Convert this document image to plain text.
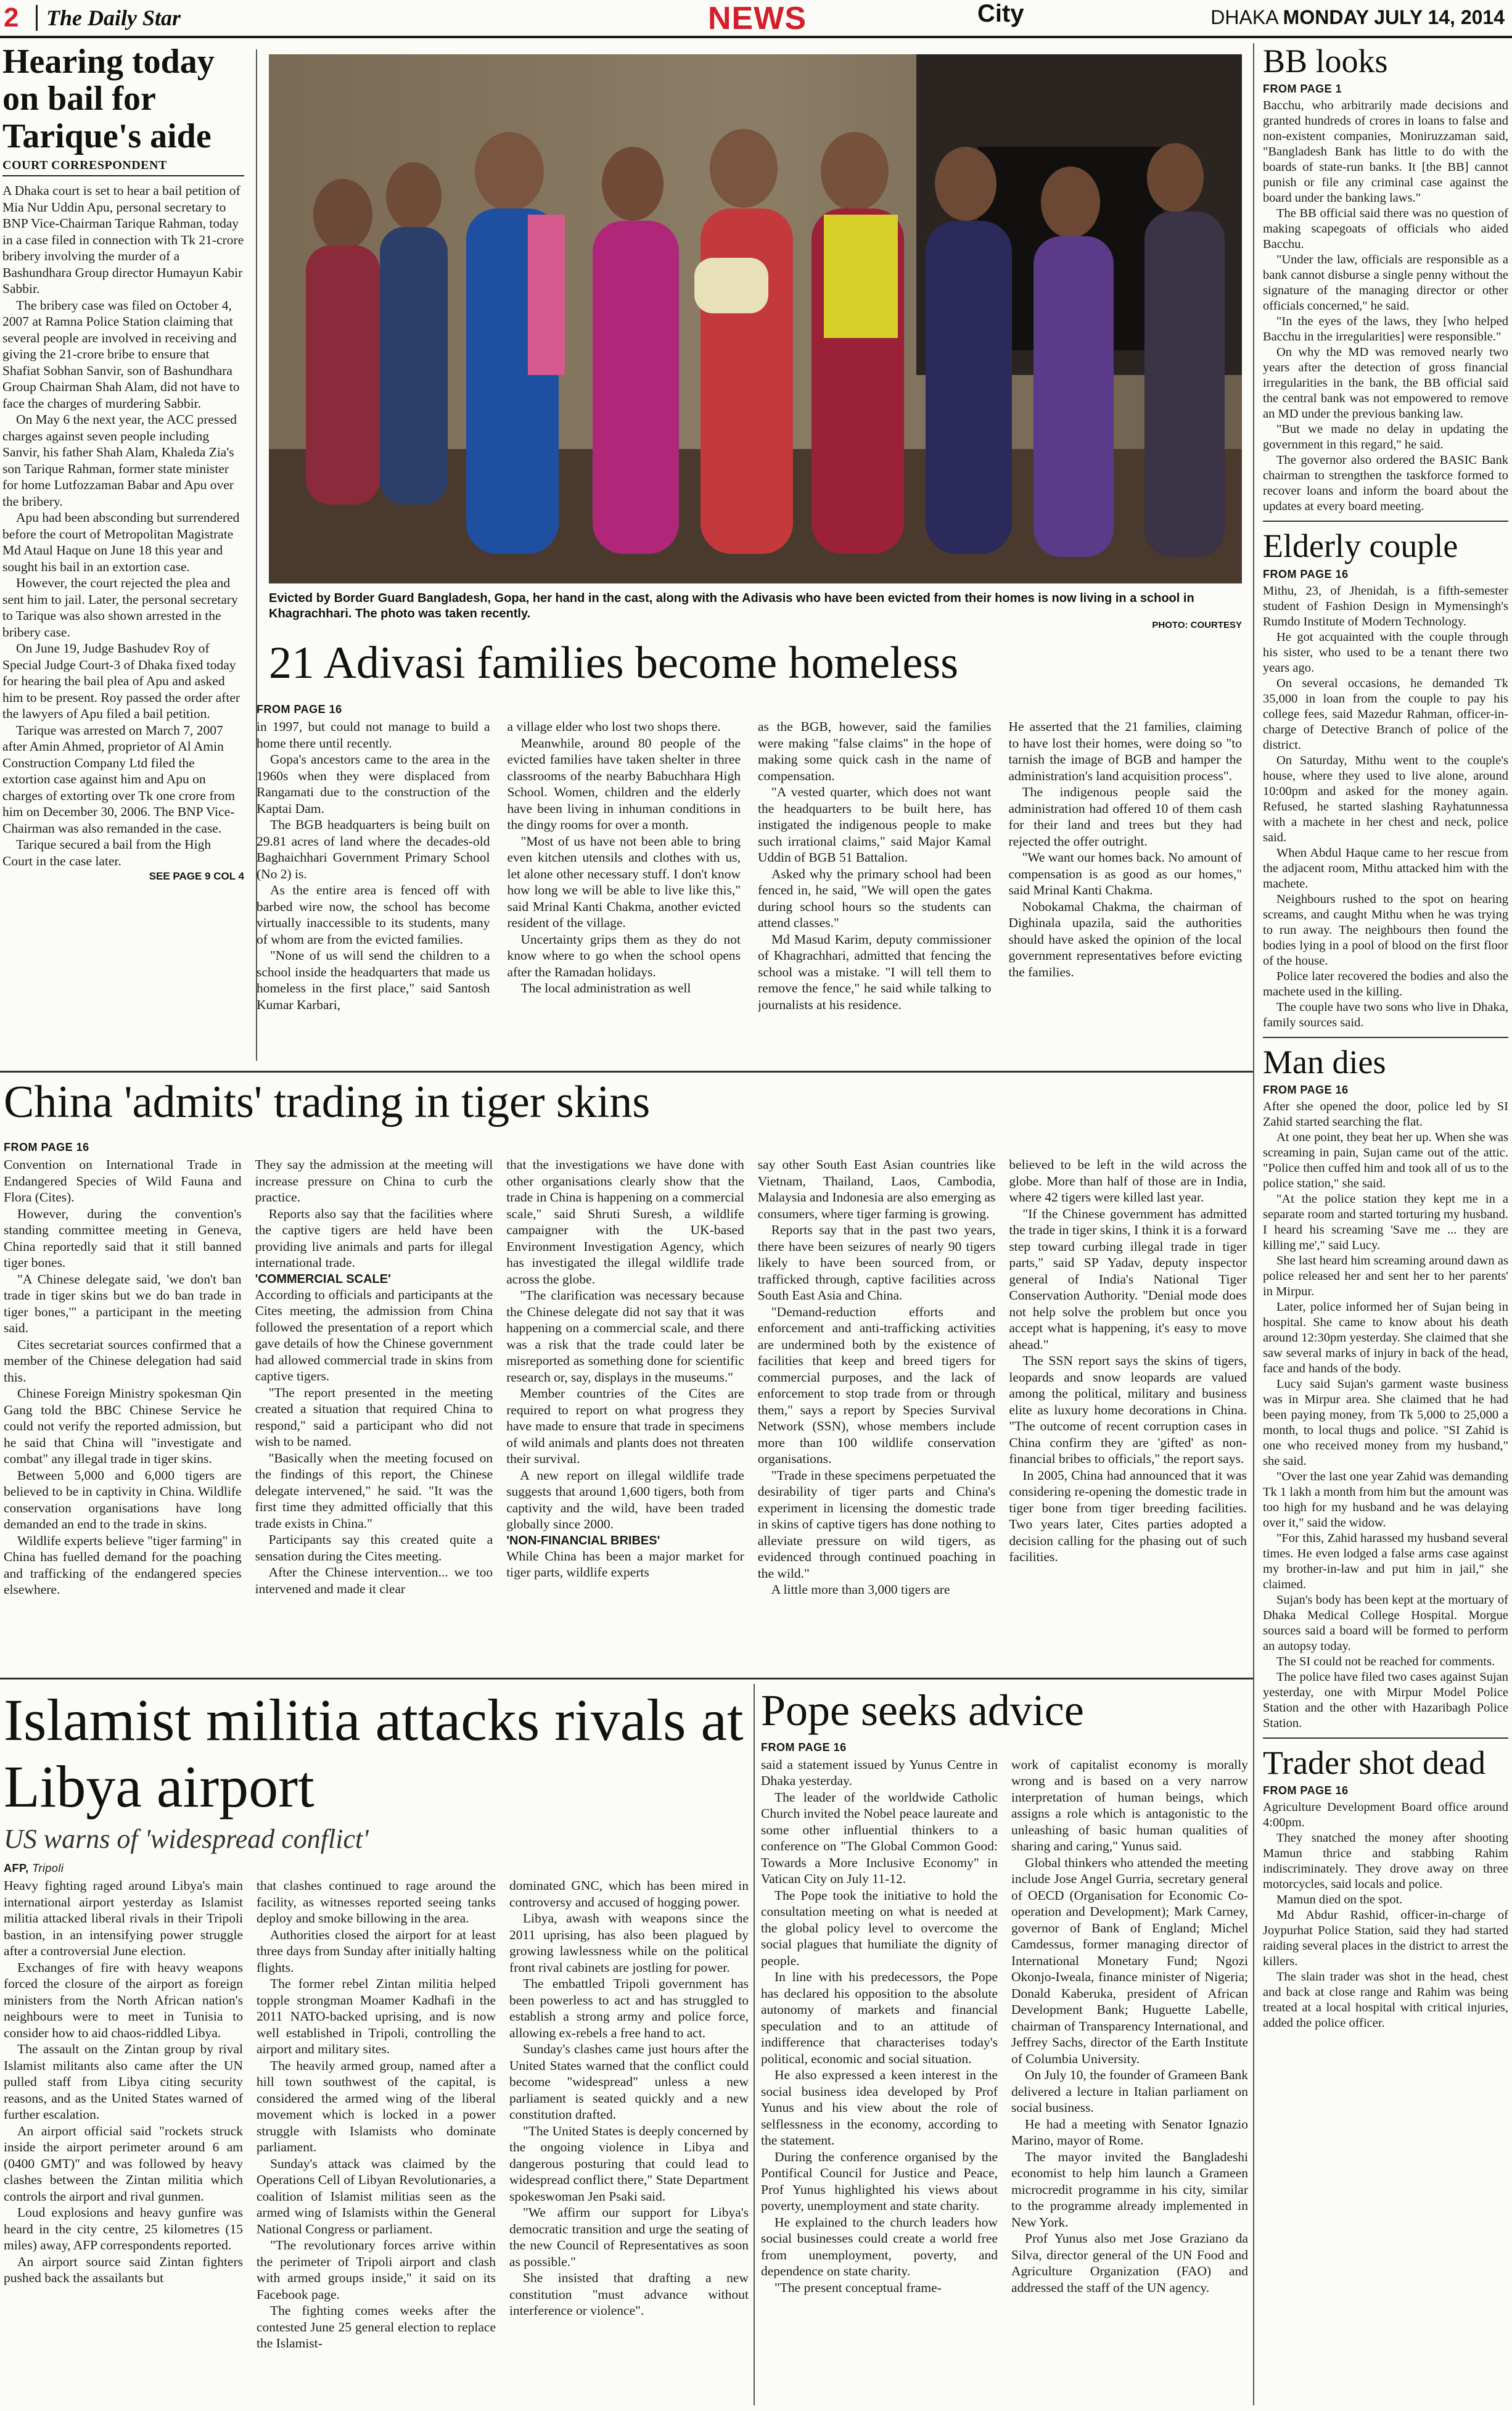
2	The Daily Star	NEWS	City	DHAKA MONDAY JULY 14, 2014
Hearing today on bail for Tarique's aide
COURT CORRESPONDENT

A Dhaka court is set to hear a bail petition of Mia Nur Uddin Apu, personal secretary to BNP Vice-Chairman Tarique Rahman, today in a case filed in connection with Tk 21-crore bribery involving the murder of a Bashundhara Group director Humayun Kabir Sabbir.

The bribery case was filed on October 4, 2007 at Ramna Police Station claiming that several people are involved in receiving and giving the 21-crore bribe to ensure that Shafiat Sobhan Sanvir, son of Bashundhara Group Chairman Shah Alam, did not have to face the charges of murdering Sabbir.

On May 6 the next year, the ACC pressed charges against seven people including Sanvir, his father Shah Alam, Khaleda Zia's son Tarique Rahman, former state minister for home Lutfozzaman Babar and Apu over the bribery.

Apu had been absconding but surrendered before the court of Metropolitan Magistrate Md Ataul Haque on June 18 this year and sought his bail in an extortion case.

However, the court rejected the plea and sent him to jail. Later, the personal secretary to Tarique was also shown arrested in the bribery case.

On June 19, Judge Bashudev Roy of Special Judge Court-3 of Dhaka fixed today for hearing the bail plea of Apu and asked him to be present. Roy passed the order after the lawyers of Apu filed a bail petition.

Tarique was arrested on March 7, 2007 after Amin Ahmed, proprietor of Al Amin Construction Company Ltd filed the extortion case against him and Apu on charges of extorting over Tk one crore from him on December 30, 2006. The BNP Vice-Chairman was also remanded in the case.

Tarique secured a bail from the High Court in the case later.

SEE PAGE 9 COL 4
Evicted by Border Guard Bangladesh, Gopa, her hand in the cast, along with the Adivasis who have been evicted from their homes is now living in a school in Khagrachhari. The photo was taken recently.
PHOTO: COURTESY
21 Adivasi families become homeless
FROM PAGE 16

in 1997, but could not manage to build a home there until recently.

Gopa's ancestors came to the area in the 1960s when they were displaced from Rangamati due to the construction of the Kaptai Dam.

The BGB headquarters is being built on 29.81 acres of land where the decades-old Baghaichhari Government Primary School (No 2) is.

As the entire area is fenced off with barbed wire now, the school has become virtually inaccessible to its students, many of whom are from the evicted families.

"None of us will send the children to a school inside the headquarters that made us homeless in the first place," said Santosh Kumar Karbari,

a village elder who lost two shops there.

Meanwhile, around 80 people of the evicted families have taken shelter in three classrooms of the nearby Babuchhara High School. Women, children and the elderly have been living in inhuman conditions in the dingy rooms for over a month.

"Most of us have not been able to bring even kitchen utensils and clothes with us, let alone other necessary stuff. I don't know how long we will be able to live like this," said Mrinal Kanti Chakma, another evicted resident of the village.

Uncertainty grips them as they do not know where to go when the school opens after the Ramadan holidays.

The local administration as well

as the BGB, however, said the families were making "false claims" in the hope of making some quick cash in the name of compensation.

"A vested quarter, which does not want the headquarters to be built here, has instigated the indigenous people to make such irrational claims," said Major Kamal Uddin of BGB 51 Battalion.

Asked why the primary school had been fenced in, he said, "We will open the gates during school hours so the students can attend classes."

Md Masud Karim, deputy commissioner of Khagrachhari, admitted that fencing the school was a mistake. "I will tell them to remove the fence," he said while talking to journalists at his residence.

He asserted that the 21 families, claiming to have lost their homes, were doing so "to tarnish the image of BGB and hamper the administration's land acquisition process".

The indigenous people said the administration had offered 10 of them cash for their land and trees but they had rejected the offer outright.

"We want our homes back. No amount of compensation is as good as our homes," said Mrinal Kanti Chakma.

Nobokamal Chakma, the chairman of Dighinala upazila, said the authorities should have asked the opinion of the local government representatives before evicting the families.

China 'admits' trading in tiger skins
FROM PAGE 16

Convention on International Trade in Endangered Species of Wild Fauna and Flora (Cites).

However, during the convention's standing committee meeting in Geneva, China reportedly said that it still banned tiger bones.

"A Chinese delegate said, 'we don't ban trade in tiger skins but we do ban trade in tiger bones,'" a participant in the meeting said.

Cites secretariat sources confirmed that a member of the Chinese delegation had said this.

Chinese Foreign Ministry spokesman Qin Gang told the BBC Chinese Service he could not verify the reported admission, but he said that China will "investigate and combat" any illegal trade in tiger skins.

Between 5,000 and 6,000 tigers are believed to be in captivity in China. Wildlife conservation organisations have long demanded an end to the trade in skins.

Wildlife experts believe "tiger farming" in China has fuelled demand for the poaching and trafficking of the endangered species elsewhere.

They say the admission at the meeting will increase pressure on China to curb the practice.

Reports also say that the facilities where the captive tigers are held have been providing live animals and parts for illegal international trade.

'COMMERCIAL SCALE'

According to officials and participants at the Cites meeting, the admission from China followed the presentation of a report which gave details of how the Chinese government had allowed commercial trade in skins from captive tigers.

"The report presented in the meeting created a situation that required China to respond," said a participant who did not wish to be named.

"Basically when the meeting focused on the findings of this report, the Chinese delegate intervened," he said. "It was the first time they admitted officially that this trade exists in China."

Participants say this created quite a sensation during the Cites meeting.

After the Chinese intervention... we too intervened and made it clear

that the investigations we have done with other organisations clearly show that the trade in China is happening on a commercial scale," said Shruti Suresh, a wildlife campaigner with the UK-based Environment Investigation Agency, which has investigated the illegal wildlife trade across the globe.

"The clarification was necessary because the Chinese delegate did not say that it was happening on a commercial scale, and there was a risk that the trade could later be misreported as something done for scientific research or, say, displays in the museums."

Member countries of the Cites are required to report on what progress they have made to ensure that trade in specimens of wild animals and plants does not threaten their survival.

A new report on illegal wildlife trade suggests that around 1,600 tigers, both from captivity and the wild, have been traded globally since 2000.

'NON-FINANCIAL BRIBES'

While China has been a major market for tiger parts, wildlife experts

say other South East Asian countries like Vietnam, Thailand, Laos, Cambodia, Malaysia and Indonesia are also emerging as consumers, where tiger farming is growing.

Reports say that in the past two years, there have been seizures of nearly 90 tigers likely to have been sourced from, or trafficked through, captive facilities across South East Asia and China.

"Demand-reduction efforts and enforcement and anti-trafficking activities are undermined both by the existence of facilities that keep and breed tigers for commercial purposes, and the lack of enforcement to stop trade from or through them," says a report by Species Survival Network (SSN), whose members include more than 100 wildlife conservation organisations.

"Trade in these specimens perpetuated the desirability of tiger parts and China's experiment in licensing the domestic trade in skins of captive tigers has done nothing to alleviate pressure on wild tigers, as evidenced through continued poaching in the wild."

A little more than 3,000 tigers are

believed to be left in the wild across the globe. More than half of those are in India, where 42 tigers were killed last year.

"If the Chinese government has admitted the trade in tiger skins, I think it is a forward step toward curbing illegal trade in tiger parts," said SP Yadav, deputy inspector general of India's National Tiger Conservation Authority. "Denial mode does not help solve the problem but once you accept what is happening, it's easy to move ahead."

The SSN report says the skins of tigers, leopards and snow leopards are valued among the political, military and business elite as luxury home decorations in China. "The outcome of recent corruption cases in China confirm they are 'gifted' as non-financial bribes to officials," the report says.

In 2005, China had announced that it was considering re-opening the domestic trade in tiger bone from tiger breeding facilities. Two years later, Cites parties adopted a decision calling for the phasing out of such facilities.

Islamist militia attacks rivals at Libya airport
US warns of 'widespread conflict'
AFP, Tripoli

Heavy fighting raged around Libya's main international airport yesterday as Islamist militia attacked liberal rivals in their Tripoli bastion, in an intensifying power struggle after a controversial June election.

Exchanges of fire with heavy weapons forced the closure of the airport as foreign ministers from the North African nation's neighbours were to meet in Tunisia to consider how to aid chaos-riddled Libya.

The assault on the Zintan group by rival Islamist militants also came after the UN pulled staff from Libya citing security reasons, and as the United States warned of further escalation.

An airport official said "rockets struck inside the airport perimeter around 6 am (0400 GMT)" and was followed by heavy clashes between the Zintan militia which controls the airport and rival gunmen.

Loud explosions and heavy gunfire was heard in the city centre, 25 kilometres (15 miles) away, AFP correspondents reported.

An airport source said Zintan fighters pushed back the assailants but

that clashes continued to rage around the facility, as witnesses reported seeing tanks deploy and smoke billowing in the area.

Authorities closed the airport for at least three days from Sunday after initially halting flights.

The former rebel Zintan militia helped topple strongman Moamer Kadhafi in the 2011 NATO-backed uprising, and is now well established in Tripoli, controlling the airport and military sites.

The heavily armed group, named after a hill town southwest of the capital, is considered the armed wing of the liberal movement which is locked in a power struggle with Islamists who dominate parliament.

Sunday's attack was claimed by the Operations Cell of Libyan Revolutionaries, a coalition of Islamist militias seen as the armed wing of Islamists within the General National Congress or parliament.

"The revolutionary forces arrive within the perimeter of Tripoli airport and clash with armed groups inside," it said on its Facebook page.

The fighting comes weeks after the contested June 25 general election to replace the Islamist-

dominated GNC, which has been mired in controversy and accused of hogging power.

Libya, awash with weapons since the 2011 uprising, has also been plagued by growing lawlessness while on the political front rival cabinets are jostling for power.

The embattled Tripoli government has been powerless to act and has struggled to establish a strong army and police force, allowing ex-rebels a free hand to act.

Sunday's clashes came just hours after the United States warned that the conflict could become "widespread" unless a new parliament is seated quickly and a new constitution drafted.

"The United States is deeply concerned by the ongoing violence in Libya and dangerous posturing that could lead to widespread conflict there," State Department spokeswoman Jen Psaki said.

"We affirm our support for Libya's democratic transition and urge the seating of the new Council of Representatives as soon as possible."

She insisted that drafting a new constitution "must advance without interference or violence".

Pope seeks advice
FROM PAGE 16

said a statement issued by Yunus Centre in Dhaka yesterday.

The leader of the worldwide Catholic Church invited the Nobel peace laureate and some other influential thinkers to a conference on "The Global Common Good: Towards a More Inclusive Economy" in Vatican City on July 11-12.

The Pope took the initiative to hold the consultation meeting on what is needed at the global policy level to overcome the social plagues that humiliate the dignity of people.

In line with his predecessors, the Pope has declared his opposition to the absolute autonomy of markets and financial speculation and to an attitude of indifference that characterises today's political, economic and social situation.

He also expressed a keen interest in the social business idea developed by Prof Yunus and his view about the role of selflessness in the economy, according to the statement.

During the conference organised by the Pontifical Council for Justice and Peace, Prof Yunus highlighted his views about poverty, unemployment and state charity.

He explained to the church leaders how social businesses could create a world free from unemployment, poverty, and dependence on state charity.

"The present conceptual frame-

work of capitalist economy is morally wrong and is based on a very narrow interpretation of human beings, which assigns a role which is antagonistic to the unleashing of basic human qualities of sharing and caring," Yunus said.

Global thinkers who attended the meeting include Jose Angel Gurria, secretary general of OECD (Organisation for Economic Co-operation and Development); Mark Carney, governor of Bank of England; Michel Camdessus, former managing director of International Monetary Fund; Ngozi Okonjo-Iweala, finance minister of Nigeria; Donald Kaberuka, president of African Development Bank; Huguette Labelle, chairman of Transparency International, and Jeffrey Sachs, director of the Earth Institute of Columbia University.

On July 10, the founder of Grameen Bank delivered a lecture in Italian parliament on social business.

He had a meeting with Senator Ignazio Marino, mayor of Rome.

The mayor invited the Bangladeshi economist to help him launch a Grameen microcredit programme in his city, similar to the programme already implemented in New York.

Prof Yunus also met Jose Graziano da Silva, director general of the UN Food and Agriculture Organization (FAO) and addressed the staff of the UN agency.

BB looks
FROM PAGE 1

Bacchu, who arbitrarily made decisions and granted hundreds of crores in loans to false and non-existent companies, Moniruzzaman said, "Bangladesh Bank has little to do with the boards of state-run banks. It [the BB] cannot punish or file any criminal case against the board under the banking laws."

The BB official said there was no question of making scapegoats of officials who aided Bacchu.

"Under the law, officials are responsible as a bank cannot disburse a single penny without the signature of the managing director or other officials concerned," he said.

"In the eyes of the laws, they [who helped Bacchu in the irregularities] were responsible."

On why the MD was removed nearly two years after the detection of gross financial irregularities in the bank, the BB official said the central bank was not empowered to remove an MD under the previous banking law.

"But we made no delay in updating the government in this regard," he said.

The governor also ordered the BASIC Bank chairman to strengthen the taskforce formed to recover loans and inform the board about the updates at every board meeting.

Elderly couple
FROM PAGE 16

Mithu, 23, of Jhenidah, is a fifth-semester student of Fashion Design in Mymensingh's Rumdo Institute of Modern Technology.

He got acquainted with the couple through his sister, who used to be a tenant there two years ago.

On several occasions, he demanded Tk 35,000 in loan from the couple to pay his college fees, said Mazedur Rahman, officer-in-charge of Detective Branch of police of the district.

On Saturday, Mithu went to the couple's house, where they used to live alone, around 10:00pm and asked for the money again. Refused, he started slashing Rayhatunnessa with a machete in her chest and neck, police said.

When Abdul Haque came to her rescue from the adjacent room, Mithu attacked him with the machete.

Neighbours rushed to the spot on hearing screams, and caught Mithu when he was trying to run away. The neighbours then found the bodies lying in a pool of blood on the first floor of the house.

Police later recovered the bodies and also the machete used in the killing.

The couple have two sons who live in Dhaka, family sources said.

Man dies
FROM PAGE 16

After she opened the door, police led by SI Zahid started searching the flat.

At one point, they beat her up. When she was screaming in pain, Sujan came out of the attic. "Police then cuffed him and took all of us to the police station," she said.

"At the police station they kept me in a separate room and started torturing my husband. I heard his screaming 'Save me ... they are killing me'," said Lucy.

She last heard him screaming around dawn as police released her and sent her to her parents' in Mirpur.

Later, police informed her of Sujan being in hospital. She came to know about his death around 12:30pm yesterday. She claimed that she saw several marks of injury in back of the head, face and hands of the body.

Lucy said Sujan's garment waste business was in Mirpur area. She claimed that he had been paying money, from Tk 5,000 to 25,000 a month, to local thugs and police. "SI Zahid is one who received money from my husband," she said.

"Over the last one year Zahid was demanding Tk 1 lakh a month from him but the amount was too high for my husband and he was delaying over it," said the widow.

"For this, Zahid harassed my husband several times. He even lodged a false arms case against my brother-in-law and put him in jail," she claimed.

Sujan's body has been kept at the mortuary of Dhaka Medical College Hospital. Morgue sources said a board will be formed to perform an autopsy today.

The SI could not be reached for comments.

The police have filed two cases against Sujan yesterday, one with Mirpur Model Police Station and the other with Hazaribagh Police Station.

Trader shot dead
FROM PAGE 16

Agriculture Development Board office around 4:00pm.

They snatched the money after shooting Mamun thrice and stabbing Rahim indiscriminately. They drove away on three motorcycles, said locals and police.

Mamun died on the spot.

Md Abdur Rashid, officer-in-charge of Joypurhat Police Station, said they had started raiding several places in the district to arrest the killers.

The slain trader was shot in the head, chest and back at close range and Rahim was being treated at a local hospital with critical injuries, added the police officer.
